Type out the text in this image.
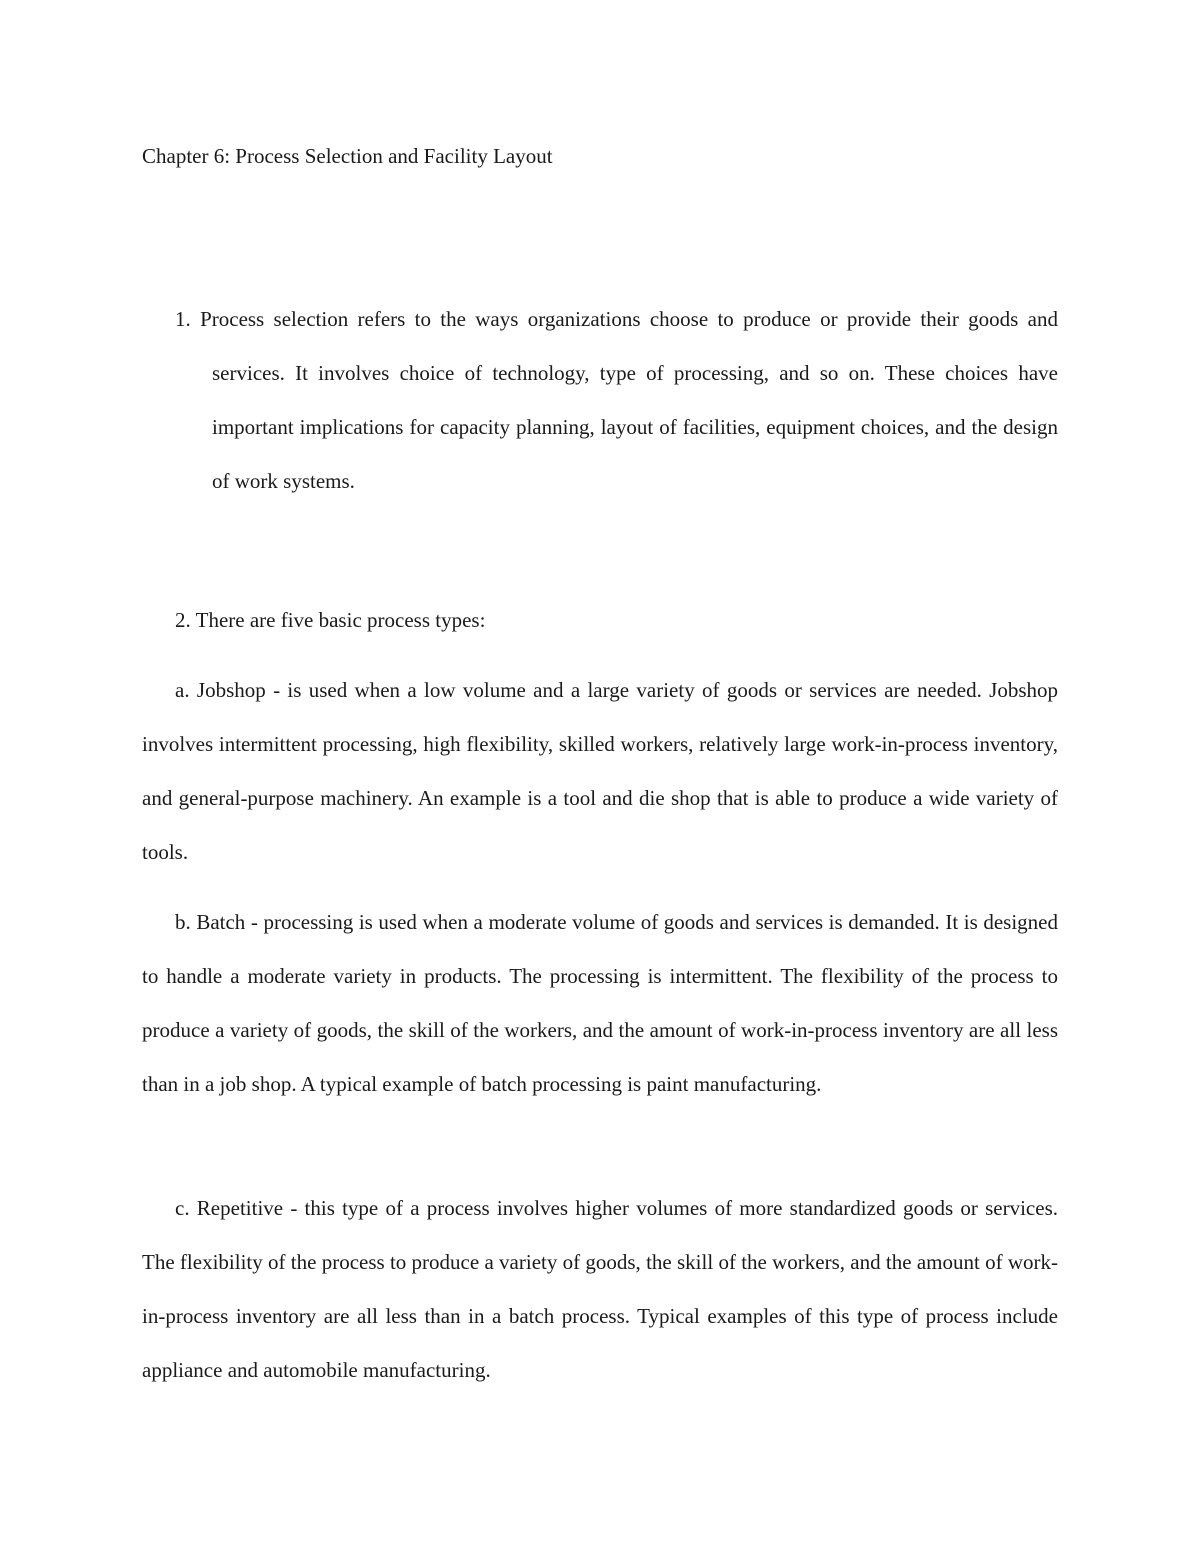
Chapter 6: Process Selection and Facility Layout
1. Process selection refers to the ways organizations choose to produce or provide their goods and services. It involves choice of technology, type of processing, and so on. These choices have important implications for capacity planning, layout of facilities, equipment choices, and the design of work systems.
2. There are five basic process types:
a. Jobshop - is used when a low volume and a large variety of goods or services are needed. Jobshop involves intermittent processing, high flexibility, skilled workers, relatively large work-in-process inventory, and general-purpose machinery. An example is a tool and die shop that is able to produce a wide variety of tools.
b. Batch - processing is used when a moderate volume of goods and services is demanded. It is designed to handle a moderate variety in products. The processing is intermittent. The flexibility of the process to produce a variety of goods, the skill of the workers, and the amount of work-in-process inventory are all less than in a job shop. A typical example of batch processing is paint manufacturing.
c. Repetitive - this type of a process involves higher volumes of more standardized goods or services. The flexibility of the process to produce a variety of goods, the skill of the workers, and the amount of work-in-process inventory are all less than in a batch process. Typical examples of this type of process include appliance and automobile manufacturing.
